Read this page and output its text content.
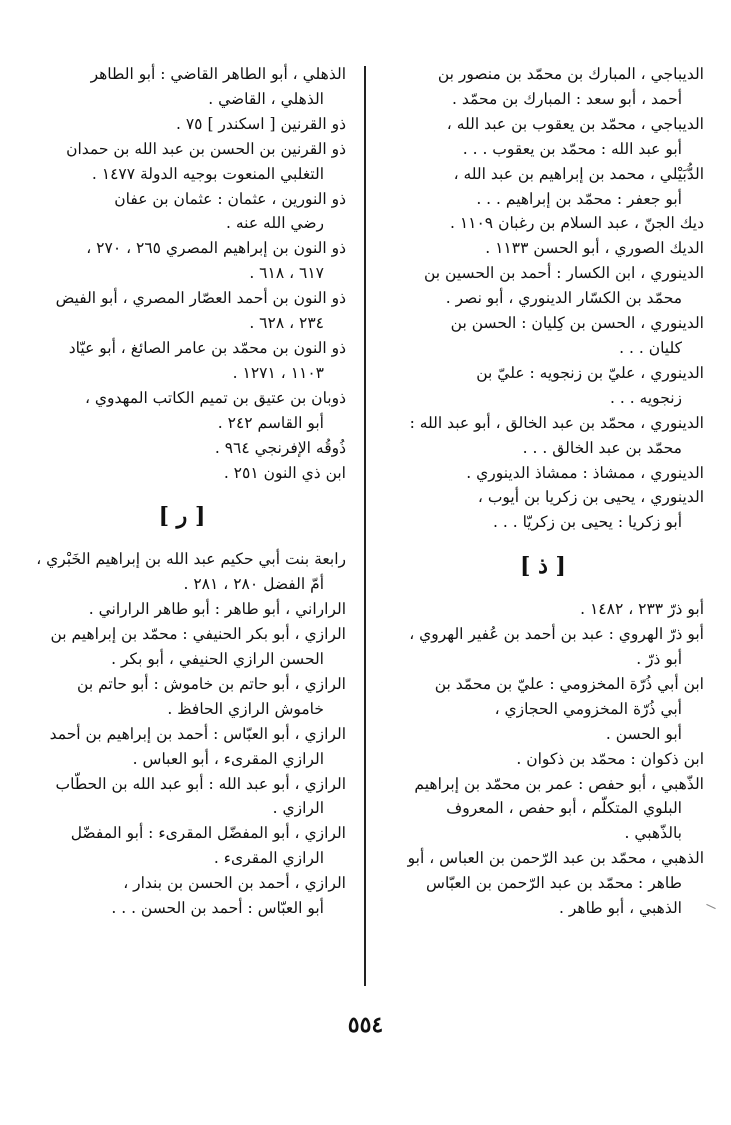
الديباجي ، المبارك بن محمّد بن منصور بن
أحمد ، أبو سعد : المبارك بن محمّد .
الديباجي ، محمّد بن يعقوب بن عبد الله ،
أبو عبد الله : محمّد بن يعقوب . . .
الدُّبَيْلي ، محمد بن إبراهيم بن عبد الله ،
أبو جعفر : محمّد بن إبراهيم . . .
ديك الجنّ ، عبد السلام بن رغبان ١١٠٩ .
الديك الصوري ، أبو الحسن ١١٣٣ .
الدينوري ، ابن الكسار : أحمد بن الحسين بن
محمّد بن الكسّار الدينوري ، أبو نصر .
الدينوري ، الحسن بن كِليان : الحسن بن
كليان . . .
الدينوري ، عليّ بن زنجويه : عليّ بن
زنجويه . . .
الدينوري ، محمّد بن عبد الخالق ، أبو عبد الله :
محمّد بن عبد الخالق . . .
الدينوري ، ممشاذ : ممشاذ الدينوري .
الدينوري ، يحيى بن زكريا بن أيوب ،
أبو زكريا : يحيى بن زكريّا . . .
[ ذ ]
أبو ذرّ ٢٣٣ ، ١٤٨٢ .
أبو ذرّ الهروي : عبد بن أحمد بن عُفير الهروي ،
أبو ذرّ .
ابن أبي ذُرّة المخزومي : عليّ بن محمّد بن
أبي ذُرّة المخزومي الحجازي ،
أبو الحسن .
ابن ذكوان : محمّد بن ذكوان .
الذّهبي ، أبو حفص : عمر بن محمّد بن إبراهيم
البلوي المتكلّم ، أبو حفص ، المعروف
بالذّهبي .
الذهبي ، محمّد بن عبد الرّحمن بن العباس ، أبو
طاهر : محمّد بن عبد الرّحمن بن العبّاس
الذهبي ، أبو طاهر .
الذهلي ، أبو الطاهر القاضي : أبو الطاهر
الذهلي ، القاضي .
ذو القرنين [ اسكندر ] ٧٥ .
ذو القرنين بن الحسن بن عبد الله بن حمدان
التغلبي المنعوت بوجيه الدولة ١٤٧٧ .
ذو النورين ، عثمان : عثمان بن عفان
رضي الله عنه .
ذو النون بن إبراهيم المصري ٢٦٥ ، ٢٧٠ ،
٦١٧ ، ٦١٨ .
ذو النون بن أحمد العصّار المصري ، أبو الفيض
٢٣٤ ، ٦٢٨ .
ذو النون بن محمّد بن عامر الصائغ ، أبو عيّاد
١١٠٣ ، ١٢٧١ .
ذوبان بن عتيق بن تميم الكاتب المهدوي ،
أبو القاسم ٢٤٢ .
ذُوقُه الإفرنجي ٩٦٤ .
ابن ذي النون ٢٥١ .
[ ر ]
رابعة بنت أبي حكيم عبد الله بن إبراهيم الخَبْري ،
أمّ الفضل ٢٨٠ ، ٢٨١ .
الراراني ، أبو طاهر : أبو طاهر الراراني .
الرازي ، أبو بكر الحنيفي : محمّد بن إبراهيم بن
الحسن الرازي الحنيفي ، أبو بكر .
الرازي ، أبو حاتم بن خاموش : أبو حاتم بن
خاموش الرازي الحافظ .
الرازي ، أبو العبّاس : أحمد بن إبراهيم بن أحمد
الرازي المقرىء ، أبو العباس .
الرازي ، أبو عبد الله : أبو عبد الله بن الحطّاب
الرازي .
الرازي ، أبو المفضّل المقرىء : أبو المفضّل
الرازي المقرىء .
الرازي ، أحمد بن الحسن بن بندار ،
أبو العبّاس : أحمد بن الحسن . . .
٥٥٤
